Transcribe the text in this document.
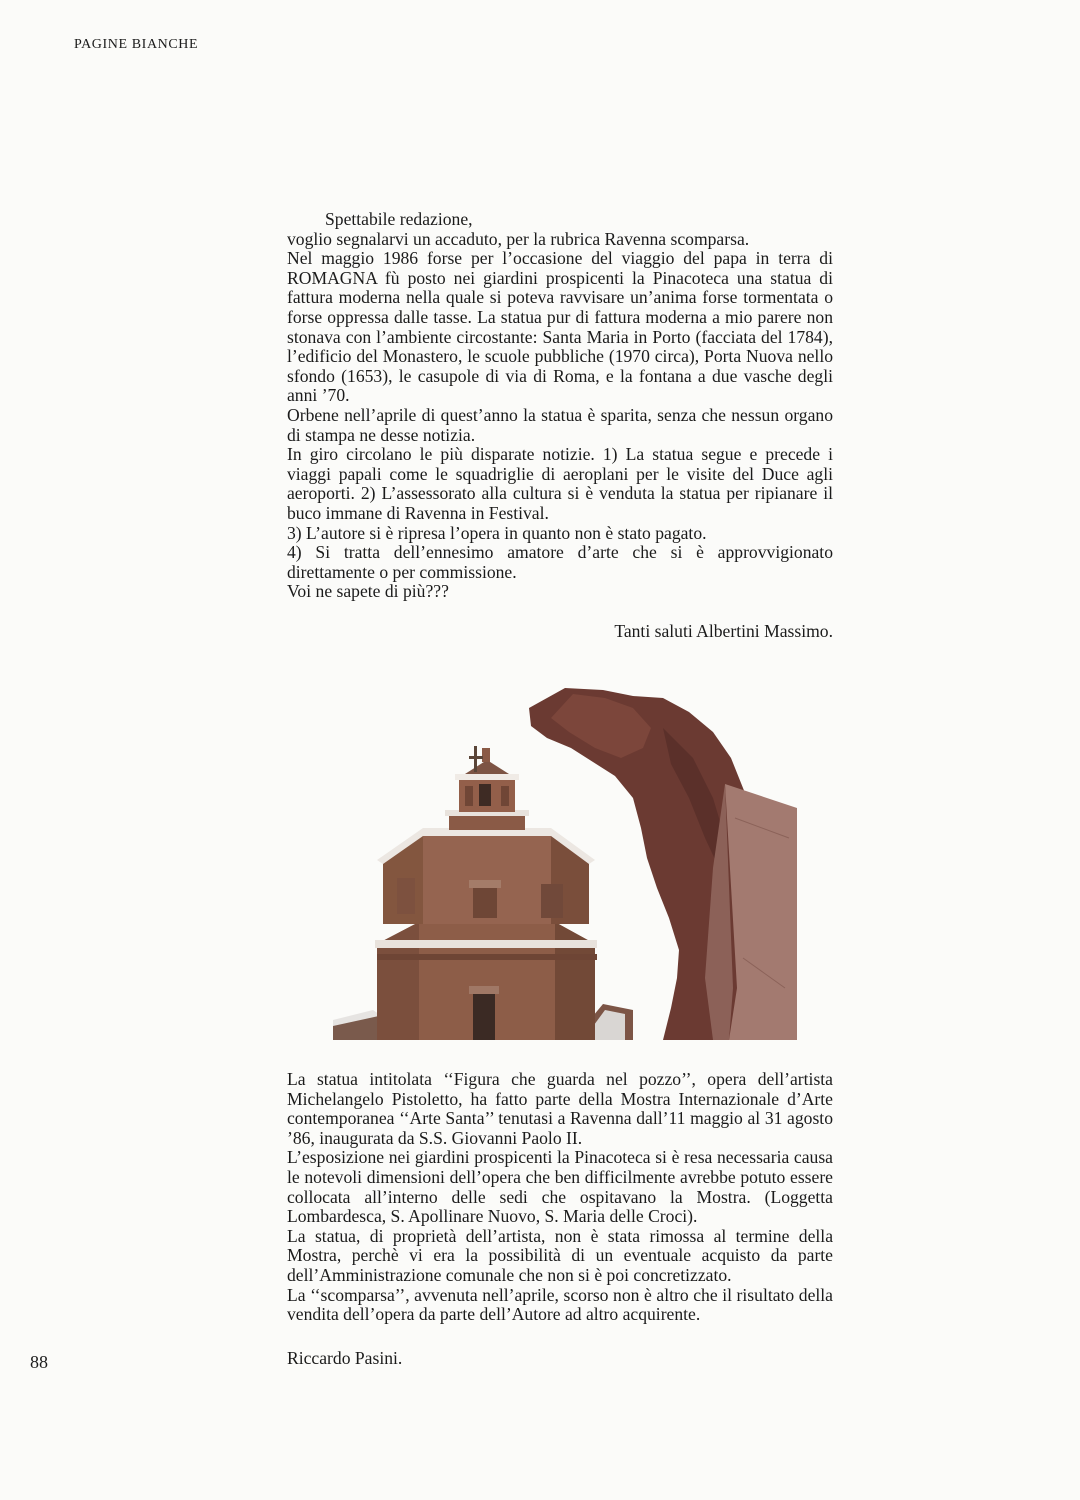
PAGINE BIANCHE

Spettabile redazione,

voglio segnalarvi un accaduto, per la rubrica Ravenna scomparsa.

Nel maggio 1986 forse per l’occasione del viaggio del papa in terra di ROMAGNA fù posto nei giardini prospicenti la Pinacoteca una statua di fattura moderna nella quale si poteva ravvisare un’anima forse tormentata o forse oppressa dalle tasse. La statua pur di fattura moderna a mio parere non stonava con l’ambiente circostante: Santa Maria in Porto (facciata del 1784), l’edificio del Monastero, le scuole pubbliche (1970 circa), Porta Nuova nello sfondo (1653), le casupole di via di Roma, e la fontana a due vasche degli anni ’70.

Orbene nell’aprile di quest’anno la statua è sparita, senza che nessun organo di stampa ne desse notizia.

In giro circolano le più disparate notizie. 1) La statua segue e precede i viaggi papali come le squadriglie di aeroplani per le visite del Duce agli aeroporti. 2) L’assessorato alla cultura si è venduta la statua per ripianare il buco immane di Ravenna in Festival.

3) L’autore si è ripresa l’opera in quanto non è stato pagato.

4) Si tratta dell’ennesimo amatore d’arte che si è approvvigionato direttamente o per commissione.

Voi ne sapete di più???

Tanti saluti Albertini Massimo.

La statua intitolata ‘‘Figura che guarda nel pozzo’’, opera dell’artista Michelangelo Pistoletto, ha fatto parte della Mostra Internazionale d’Arte contemporanea ‘‘Arte Santa’’ tenutasi a Ravenna dall’11 maggio al 31 agosto ’86, inaugurata da S.S. Giovanni Paolo II.

L’esposizione nei giardini prospicenti la Pinacoteca si è resa necessaria causa le notevoli dimensioni dell’opera che ben difficilmente avrebbe potuto essere collocata all’interno delle sedi che ospitavano la Mostra. (Loggetta Lombardesca, S. Apollinare Nuovo, S. Maria delle Croci).

La statua, di proprietà dell’artista, non è stata rimossa al termine della Mostra, perchè vi era la possibilità di un eventuale acquisto da parte dell’Amministrazione comunale che non si è poi concretizzato.

La ‘‘scomparsa’’, avvenuta nell’aprile, scorso non è altro che il risultato della vendita dell’opera da parte dell’Autore ad altro acquirente.

Riccardo Pasini.
88
